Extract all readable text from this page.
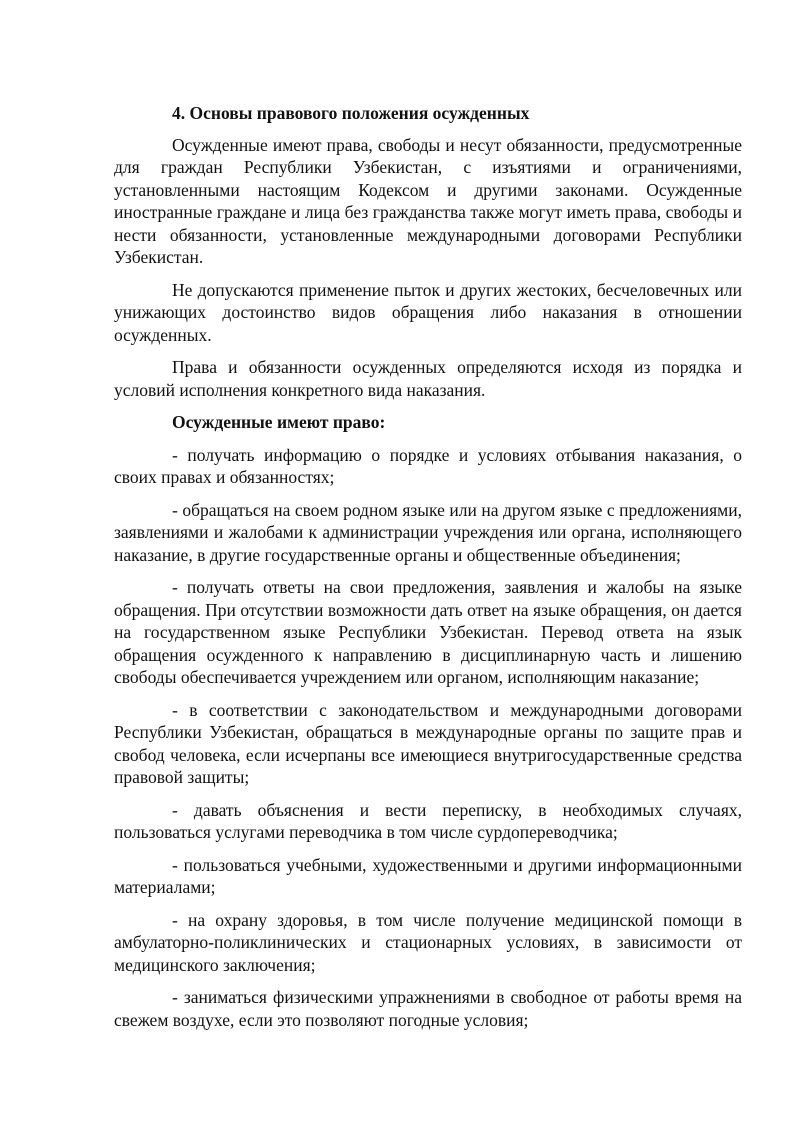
4. Основы правового положения осужденных

Осужденные имеют права, свободы и несут обязанности, предусмотренные для граждан Республики Узбекистан, с изъятиями и ограничениями, установленными настоящим Кодексом и другими законами. Осужденные иностранные граждане и лица без гражданства также могут иметь права, свободы и нести обязанности, установленные международными договорами Республики Узбекистан.

Не допускаются применение пыток и других жестоких, бесчеловечных или унижающих достоинство видов обращения либо наказания в отношении осужденных.

Права и обязанности осужденных определяются исходя из порядка и условий исполнения конкретного вида наказания.

Осужденные имеют право:

- получать информацию о порядке и условиях отбывания наказания, о своих правах и обязанностях;

- обращаться на своем родном языке или на другом языке с предложениями, заявлениями и жалобами к администрации учреждения или органа, исполняющего наказание, в другие государственные органы и общественные объединения;

- получать ответы на свои предложения, заявления и жалобы на языке обращения. При отсутствии возможности дать ответ на языке обращения, он дается на государственном языке Республики Узбекистан. Перевод ответа на язык обращения осужденного к направлению в дисциплинарную часть и лишению свободы обеспечивается учреждением или органом, исполняющим наказание;

- в соответствии с законодательством и международными договорами Республики Узбекистан, обращаться в международные органы по защите прав и свобод человека, если исчерпаны все имеющиеся внутригосударственные средства правовой защиты;

- давать объяснения и вести переписку, в необходимых случаях, пользоваться услугами переводчика в том числе сурдопереводчика;

- пользоваться учебными, художественными и другими информационными материалами;

- на охрану здоровья, в том числе получение медицинской помощи в амбулаторно-поликлинических и стационарных условиях, в зависимости от медицинского заключения;

- заниматься физическими упражнениями в свободное от работы время на свежем воздухе, если это позволяют погодные условия;
